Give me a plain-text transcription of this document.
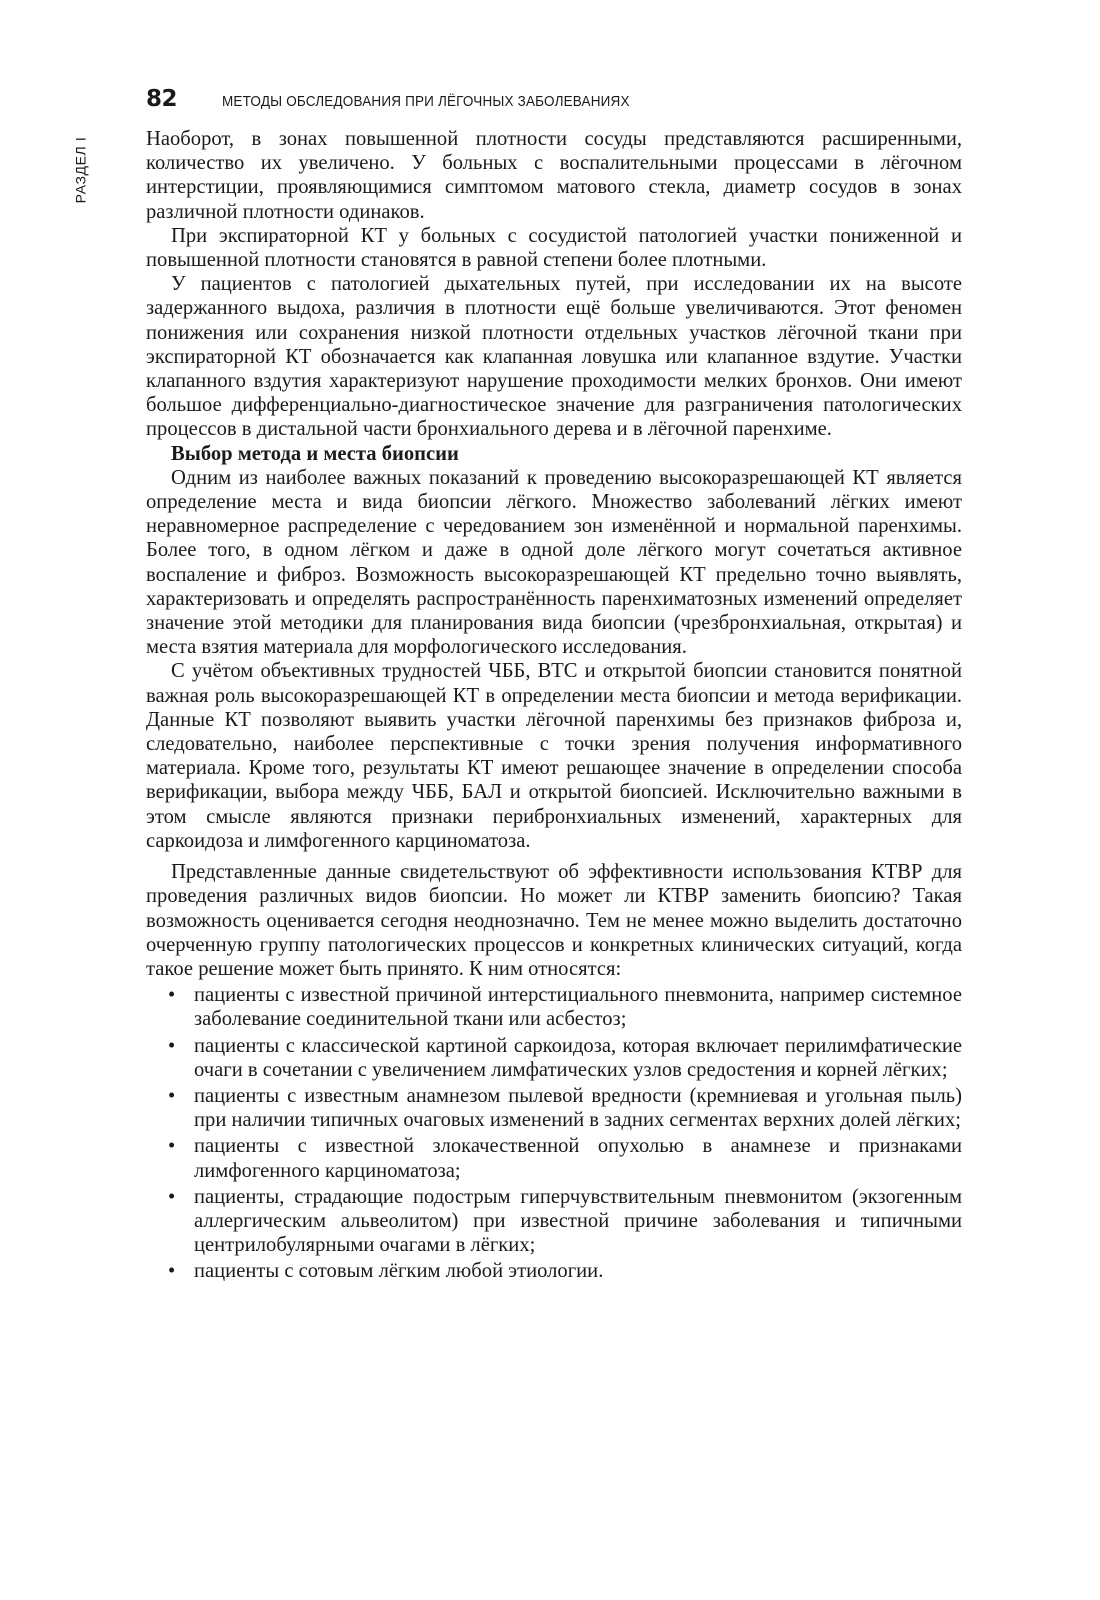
82	МЕТОДЫ ОБСЛЕДОВАНИЯ ПРИ ЛЁГОЧНЫХ ЗАБОЛЕВАНИЯХ
РАЗДЕЛ I	Наоборот, в зонах повышенной плотности сосуды представляются расширенными, количество их увеличено. У больных с воспалительными процессами в лёгочном интерстиции, проявляющимися симптомом матового стекла, диаметр сосудов в зонах различной плотности одинаков.

При экспираторной КТ у больных с сосудистой патологией участки пониженной и повышенной плотности становятся в равной степени более плотными.

У пациентов с патологией дыхательных путей, при исследовании их на высоте задержанного выдоха, различия в плотности ещё больше увеличиваются. Этот феномен понижения или сохранения низкой плотности отдельных участков лёгочной ткани при экспираторной КТ обозначается как клапанная ловушка или клапанное вздутие. Участки клапанного вздутия характеризуют нарушение проходимости мелких бронхов. Они имеют большое дифференциально-диагностическое значение для разграничения патологических процессов в дистальной части бронхиального дерева и в лёгочной паренхиме.

Выбор метода и места биопсии

Одним из наиболее важных показаний к проведению высокоразрешающей КТ является определение места и вида биопсии лёгкого. Множество заболеваний лёгких имеют неравномерное распределение с чередованием зон изменённой и нормальной паренхимы. Более того, в одном лёгком и даже в одной доле лёгкого могут сочетаться активное воспаление и фиброз. Возможность высокоразрешающей КТ предельно точно выявлять, характеризовать и определять распространённость паренхиматозных изменений определяет значение этой методики для планирования вида биопсии (чрезбронхиальная, открытая) и места взятия материала для морфологического исследования.

С учётом объективных трудностей ЧББ, ВТС и открытой биопсии становится понятной важная роль высокоразрешающей КТ в определении места биопсии и метода верификации. Данные КТ позволяют выявить участки лёгочной паренхимы без признаков фиброза и, следовательно, наиболее перспективные с точки зрения получения информативного материала. Кроме того, результаты КТ имеют решающее значение в определении способа верификации, выбора между ЧББ, БАЛ и открытой биопсией. Исключительно важными в этом смысле являются признаки перибронхиальных изменений, характерных для саркоидоза и лимфогенного карциноматоза.

Представленные данные свидетельствуют об эффективности использования КТВР для проведения различных видов биопсии. Но может ли КТВР заменить биопсию? Такая возможность оценивается сегодня неоднозначно. Тем не менее можно выделить достаточно очерченную группу патологических процессов и конкретных клинических ситуаций, когда такое решение может быть принято. К ним относятся:

• пациенты с известной причиной интерстициального пневмонита, например системное заболевание соединительной ткани или асбестоз;
• пациенты с классической картиной саркоидоза, которая включает перилимфатические очаги в сочетании с увеличением лимфатических узлов средостения и корней лёгких;
• пациенты с известным анамнезом пылевой вредности (кремниевая и угольная пыль) при наличии типичных очаговых изменений в задних сегментах верхних долей лёгких;
• пациенты с известной злокачественной опухолью в анамнезе и признаками лимфогенного карциноматоза;
• пациенты, страдающие подострым гиперчувствительным пневмонитом (экзогенным аллергическим альвеолитом) при известной причине заболевания и типичными центрилобулярными очагами в лёгких;
• пациенты с сотовым лёгким любой этиологии.
